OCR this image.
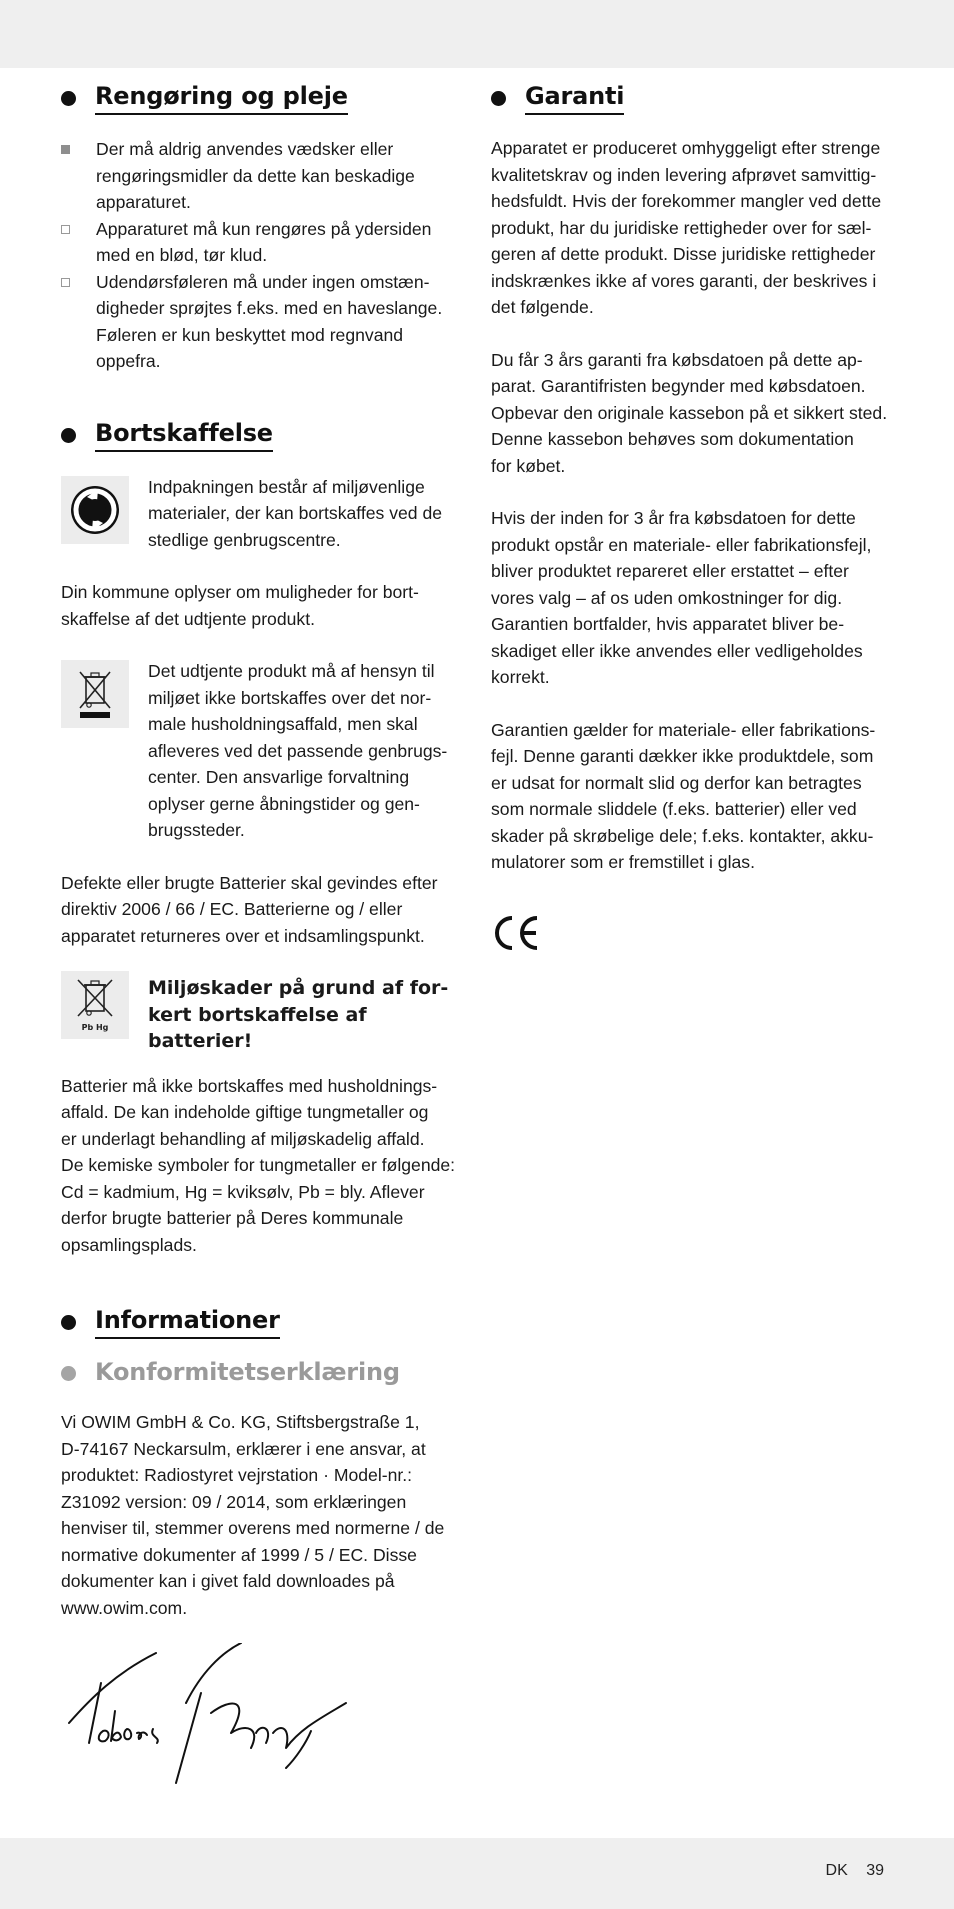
Rengøring og pleje
Der må aldrig anvendes vædsker eller
rengøringsmidler da dette kan beskadige
apparaturet.
Apparaturet må kun rengøres på ydersiden
med en blød, tør klud.
Udendørsføleren må under ingen omstæn-
digheder sprøjtes f.eks. med en haveslange.
Føleren er kun beskyttet mod regnvand
oppefra.
Bortskaffelse

Indpakningen består af miljøvenlige
materialer, der kan bortskaffes ved de
stedlige genbrugscentre.

Din kommune oplyser om muligheder for bort-
skaffelse af det udtjente produkt.

Det udtjente produkt må af hensyn til
miljøet ikke bortskaffes over det nor-
male husholdningsaffald, men skal
afleveres ved det passende genbrugs-
center. Den ansvarlige forvaltning
oplyser gerne åbningstider og gen-
brugssteder.

Defekte eller brugte Batterier skal gevindes efter
direktiv 2006 / 66 / EC. Batterierne og / eller
apparatet returneres over et indsamlingspunkt.

Pb Hg
Miljøskader på grund af for-
kert bortskaffelse af batterier!

Batterier må ikke bortskaffes med husholdnings-
affald. De kan indeholde giftige tungmetaller og
er underlagt behandling af miljøskadelig affald.
De kemiske symboler for tungmetaller er følgende:
Cd = kadmium, Hg = kviksølv, Pb = bly. Aflever
derfor brugte batterier på Deres kommunale
opsamlingsplads.

Informationer
Konformitetserklæring

Vi OWIM GmbH & Co. KG, Stiftsbergstraße 1,
D-74167 Neckarsulm, erklærer i ene ansvar, at
produktet: Radiostyret vejrstation · Model-nr.:
Z31092 version: 09 / 2014, som erklæringen
henviser til, stemmer overens med normerne / de
normative dokumenter af 1999 / 5 / EC. Disse
dokumenter kan i givet fald downloades på
www.owim.com.

Garanti

Apparatet er produceret omhyggeligt efter strenge
kvalitetskrav og inden levering afprøvet samvittig-
hedsfuldt. Hvis der forekommer mangler ved dette
produkt, har du juridiske rettigheder over for sæl-
geren af dette produkt. Disse juridiske rettigheder
indskrænkes ikke af vores garanti, der beskrives i
det følgende.

Du får 3 års garanti fra købsdatoen på dette ap-
parat. Garantifristen begynder med købsdatoen.
Opbevar den originale kassebon på et sikkert sted.
Denne kassebon behøves som dokumentation
for købet.

Hvis der inden for 3 år fra købsdatoen for dette
produkt opstår en materiale- eller fabrikationsfejl,
bliver produktet repareret eller erstattet – efter
vores valg – af os uden omkostninger for dig.
Garantien bortfalder, hvis apparatet bliver be-
skadiget eller ikke anvendes eller vedligeholdes
korrekt.

Garantien gælder for materiale- eller fabrikations-
fejl. Denne garanti dækker ikke produktdele, som
er udsat for normalt slid og derfor kan betragtes
som normale sliddele (f.eks. batterier) eller ved
skader på skrøbelige dele; f.eks. kontakter, akku-
mulatorer som er fremstillet i glas.

DK 39
